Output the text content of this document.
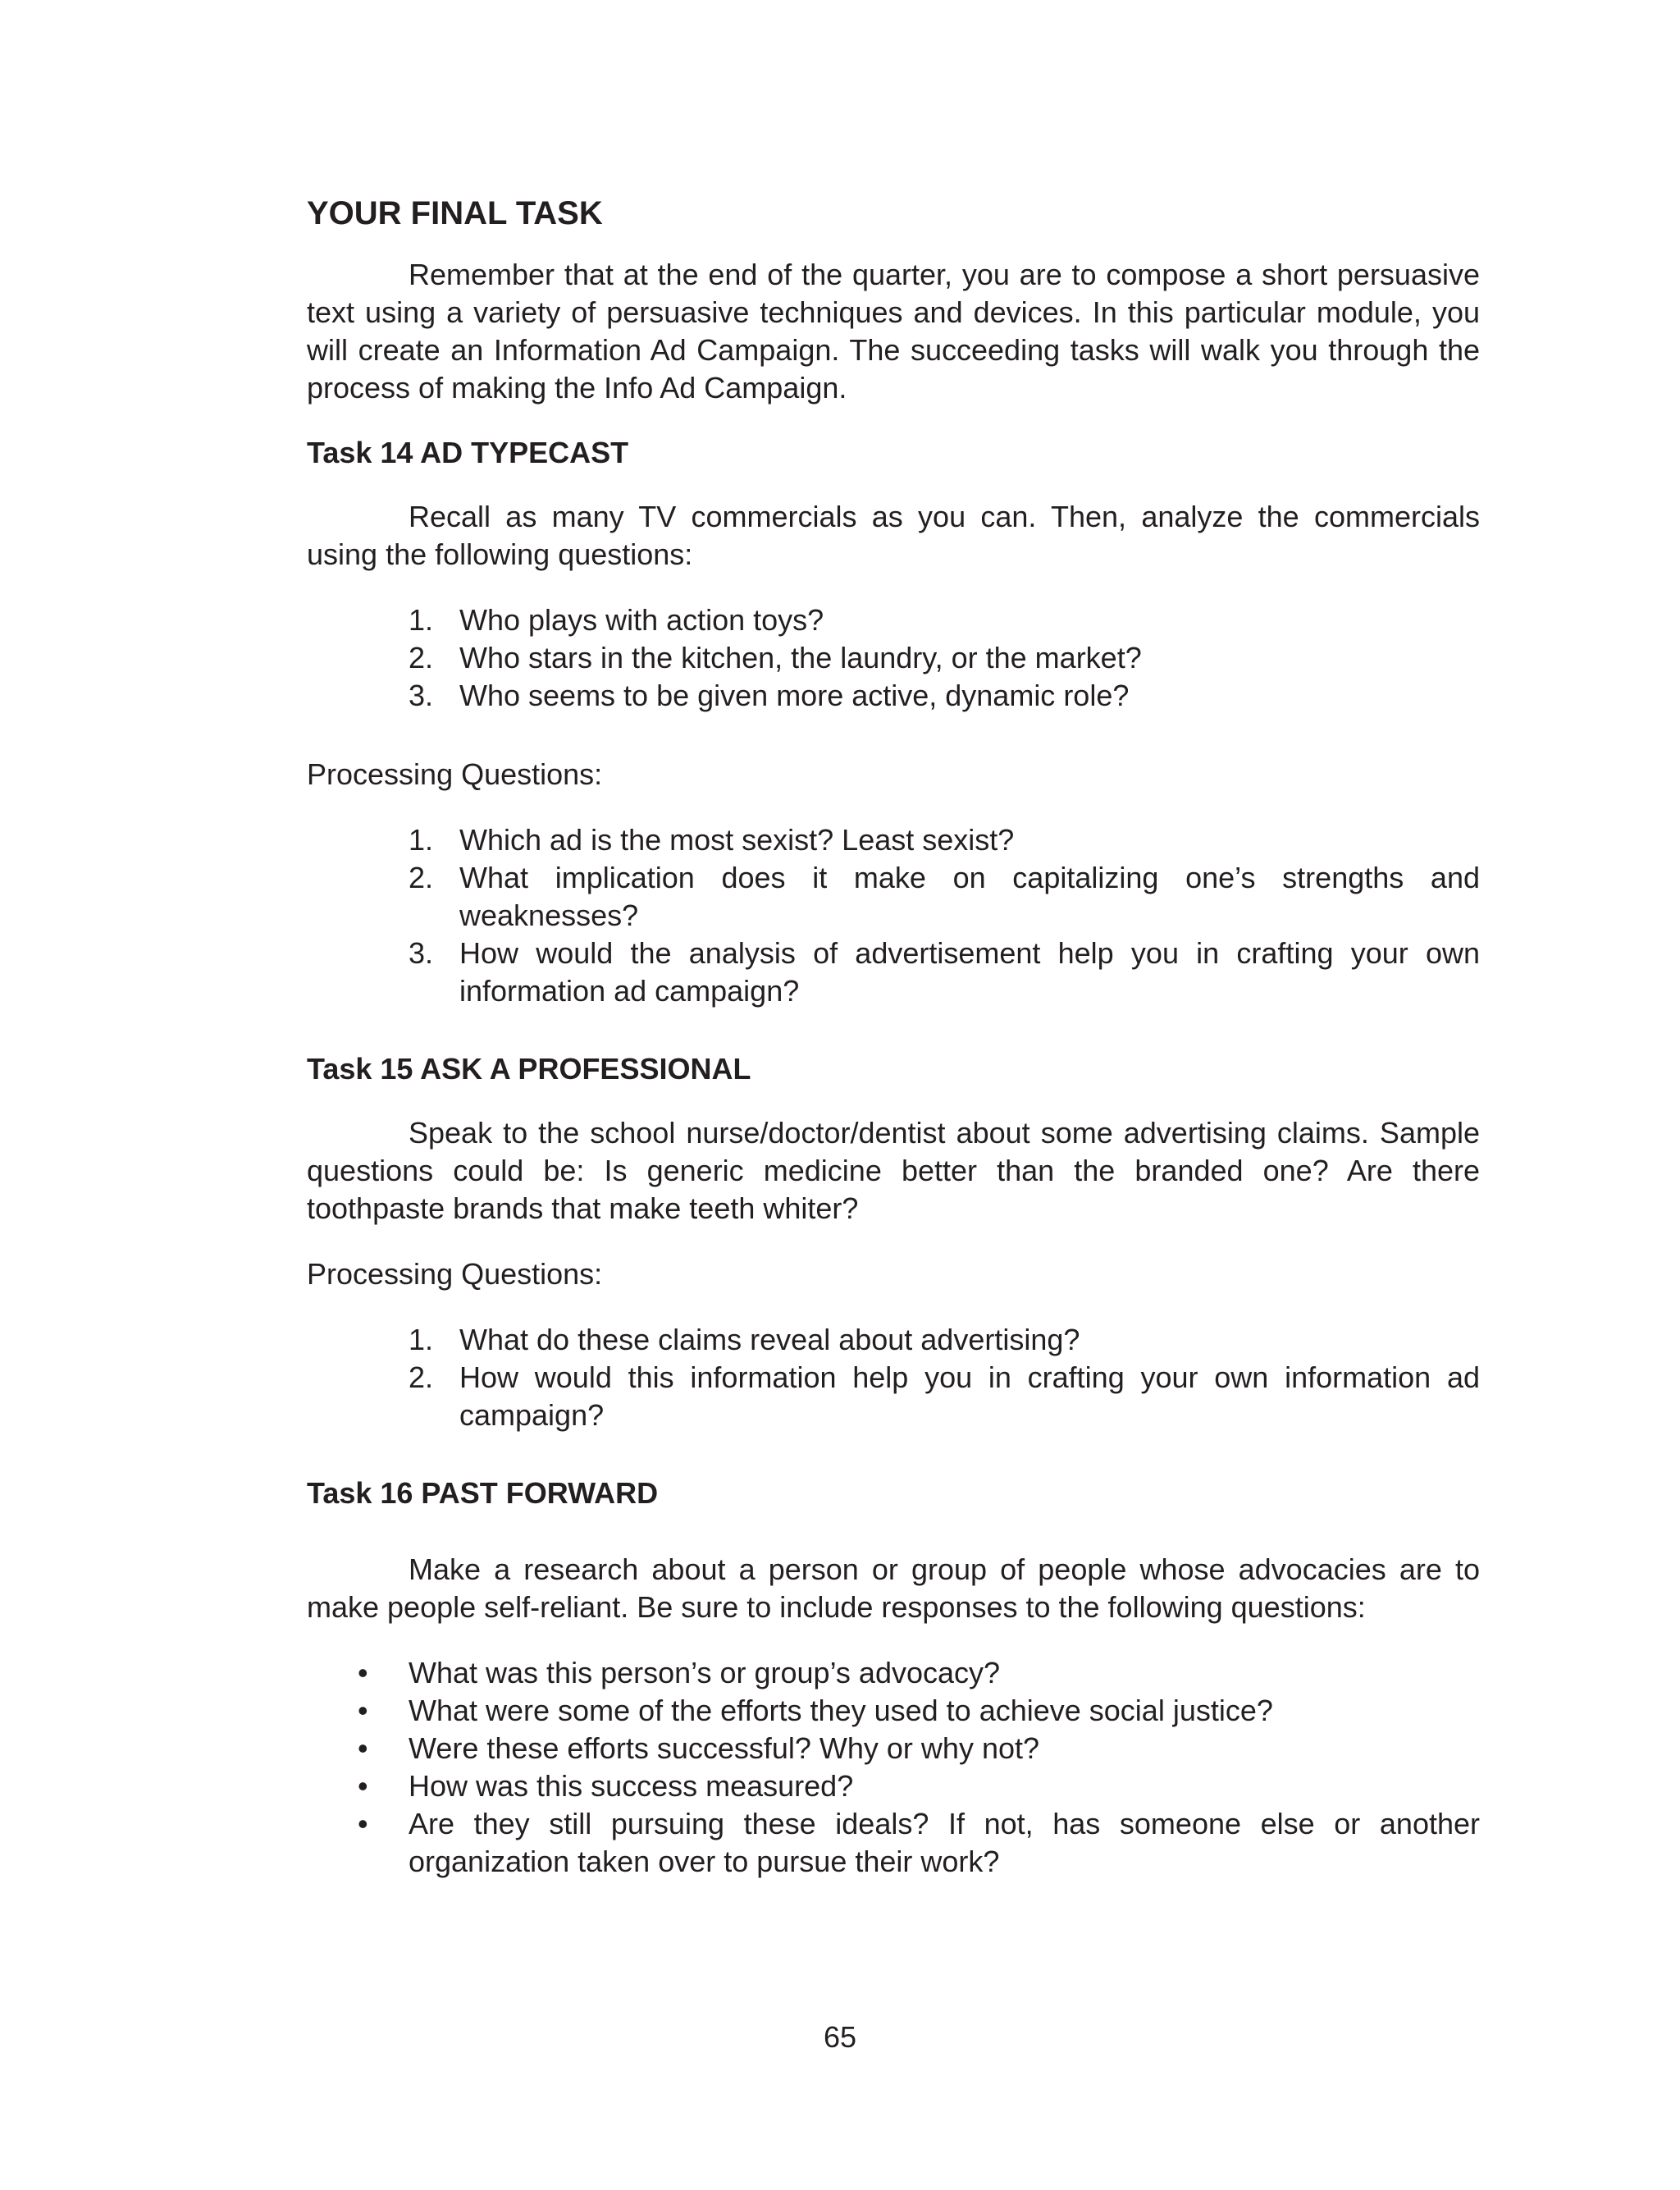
YOUR FINAL TASK

Remember that at the end of the quarter, you are to compose a short persuasive text using a variety of persuasive techniques and devices. In this particular module, you will create an Information Ad Campaign. The succeeding tasks will walk you through the process of making the Info Ad Campaign.

Task 14 AD TYPECAST

Recall as many TV commercials as you can. Then, analyze the commercials using the following questions:

1. Who plays with action toys?
2. Who stars in the kitchen, the laundry, or the market?
3. Who seems to be given more active, dynamic role?

Processing Questions:

1. Which ad is the most sexist? Least sexist?
2. What implication does it make on capitalizing one’s strengths and weaknesses?
3. How would the analysis of advertisement help you in crafting your own information ad campaign?
Task 15 ASK A PROFESSIONAL

Speak to the school nurse/doctor/dentist about some advertising claims. Sample questions could be: Is generic medicine better than the branded one? Are there toothpaste brands that make teeth whiter?

Processing Questions:

1. What do these claims reveal about advertising?
2. How would this information help you in crafting your own information ad campaign?
Task 16 PAST FORWARD

Make a research about a person or group of people whose advocacies are to make people self-reliant. Be sure to include responses to the following questions:

• What was this person’s or group’s advocacy?
• What were some of the efforts they used to achieve social justice?
• Were these efforts successful? Why or why not?
• How was this success measured?
• Are they still pursuing these ideals? If not, has someone else or another organization taken over to pursue their work?
65
